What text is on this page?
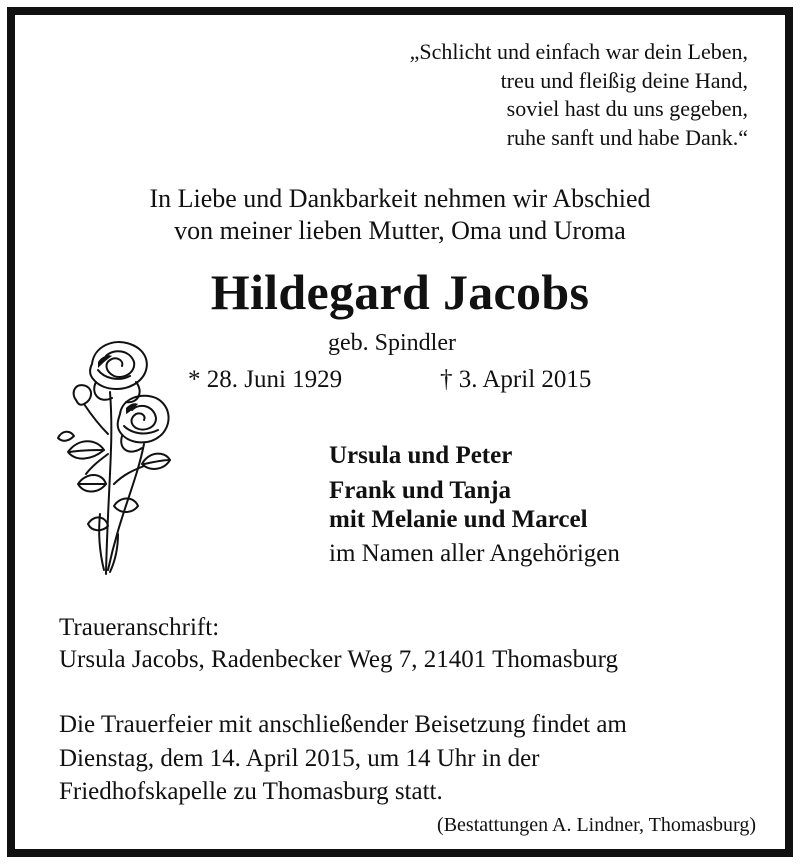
„Schlicht und einfach war dein Leben,
treu und fleißig deine Hand,
soviel hast du uns gegeben,
ruhe sanft und habe Dank.“
In Liebe und Dankbarkeit nehmen wir Abschied
von meiner lieben Mutter, Oma und Uroma
Hildegard Jacobs
geb. Spindler
* 28. Juni 1929	† 3. April 2015
Ursula und Peter
Frank und Tanja
mit Melanie und Marcel
im Namen aller Angehörigen
Traueranschrift:
Ursula Jacobs, Radenbecker Weg 7, 21401 Thomasburg
Die Trauerfeier mit anschließender Beisetzung findet am
Dienstag, dem 14. April 2015, um 14 Uhr in der
Friedhofskapelle zu Thomasburg statt.
(Bestattungen A. Lindner, Thomasburg)
